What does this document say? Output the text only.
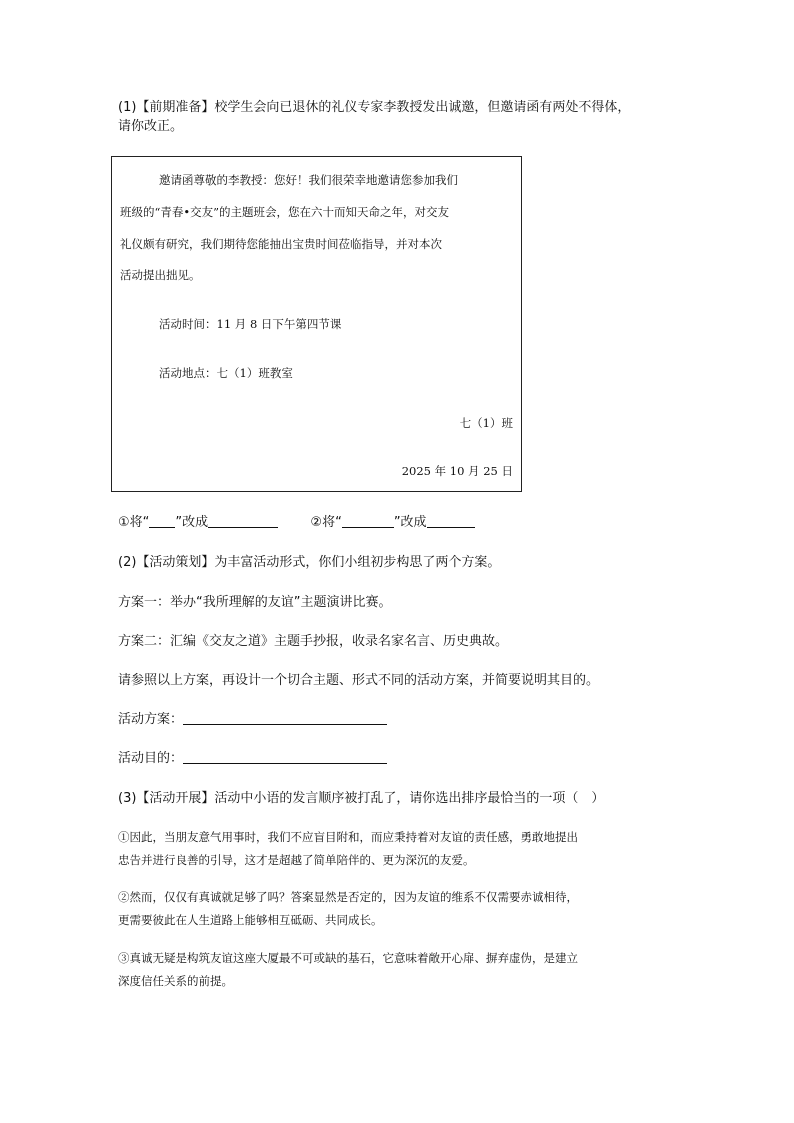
(1)【前期准备】校学生会向已退休的礼仪专家李教授发出诚邀，但邀请函有两处不得体，
请你改正。
邀请函尊敬的李教授：您好！我们很荣幸地邀请您参加我们
班级的“青春•交友”的主题班会，您在六十而知天命之年，对交友
礼仪颇有研究，我们期待您能抽出宝贵时间莅临指导，并对本次
活动提出拙见。
活动时间：11 月 8 日下午第四节课
活动地点：七（1）班教室
七（1）班
2025 年 10 月 25 日
①将“ ”改成	②将“	”改成
(2)【活动策划】为丰富活动形式，你们小组初步构思了两个方案。
方案一：举办“我所理解的友谊”主题演讲比赛。
方案二：汇编《交友之道》主题手抄报，收录名家名言、历史典故。
请参照以上方案，再设计一个切合主题、形式不同的活动方案，并简要说明其目的。
活动方案：
活动目的：
(3)【活动开展】活动中小语的发言顺序被打乱了，请你选出排序最恰当的一项（　）
①因此，当朋友意气用事时，我们不应盲目附和，而应秉持着对友谊的责任感，勇敢地提出
忠告并进行良善的引导，这才是超越了简单陪伴的、更为深沉的友爱。
②然而，仅仅有真诚就足够了吗？答案显然是否定的，因为友谊的维系不仅需要赤诚相待，
更需要彼此在人生道路上能够相互砥砺、共同成长。
③真诚无疑是构筑友谊这座大厦最不可或缺的基石，它意味着敞开心扉、摒弃虚伪，是建立
深度信任关系的前提。
